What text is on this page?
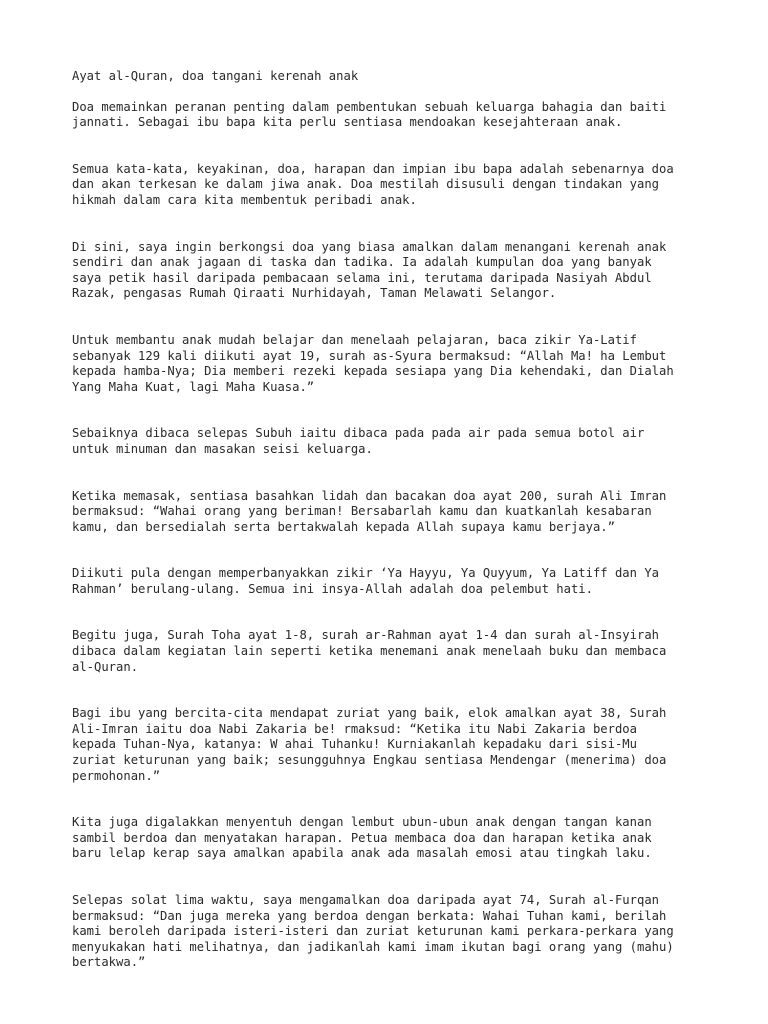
Ayat al-Quran, doa tangani kerenah anak

Doa memainkan peranan penting dalam pembentukan sebuah keluarga bahagia dan baiti
jannati. Sebagai ibu bapa kita perlu sentiasa mendoakan kesejahteraan anak.

Semua kata-kata, keyakinan, doa, harapan dan impian ibu bapa adalah sebenarnya doa
dan akan terkesan ke dalam jiwa anak. Doa mestilah disusuli dengan tindakan yang
hikmah dalam cara kita membentuk peribadi anak.

Di sini, saya ingin berkongsi doa yang biasa amalkan dalam menangani kerenah anak
sendiri dan anak jagaan di taska dan tadika. Ia adalah kumpulan doa yang banyak
saya petik hasil daripada pembacaan selama ini, terutama daripada Nasiyah Abdul
Razak, pengasas Rumah Qiraati Nurhidayah, Taman Melawati Selangor.

Untuk membantu anak mudah belajar dan menelaah pelajaran, baca zikir Ya-Latif
sebanyak 129 kali diikuti ayat 19, surah as-Syura bermaksud: “Allah Ma! ha Lembut
kepada hamba-Nya; Dia memberi rezeki kepada sesiapa yang Dia kehendaki, dan Dialah
Yang Maha Kuat, lagi Maha Kuasa.”

Sebaiknya dibaca selepas Subuh iaitu dibaca pada pada air pada semua botol air
untuk minuman dan masakan seisi keluarga.

Ketika memasak, sentiasa basahkan lidah dan bacakan doa ayat 200, surah Ali Imran
bermaksud: “Wahai orang yang beriman! Bersabarlah kamu dan kuatkanlah kesabaran
kamu, dan bersedialah serta bertakwalah kepada Allah supaya kamu berjaya.”

Diikuti pula dengan memperbanyakkan zikir ‘Ya Hayyu, Ya Quyyum, Ya Latiff dan Ya
Rahman’ berulang-ulang. Semua ini insya-Allah adalah doa pelembut hati.

Begitu juga, Surah Toha ayat 1-8, surah ar-Rahman ayat 1-4 dan surah al-Insyirah
dibaca dalam kegiatan lain seperti ketika menemani anak menelaah buku dan membaca
al-Quran.

Bagi ibu yang bercita-cita mendapat zuriat yang baik, elok amalkan ayat 38, Surah
Ali-Imran iaitu doa Nabi Zakaria be! rmaksud: “Ketika itu Nabi Zakaria berdoa
kepada Tuhan-Nya, katanya: W ahai Tuhanku! Kurniakanlah kepadaku dari sisi-Mu
zuriat keturunan yang baik; sesungguhnya Engkau sentiasa Mendengar (menerima) doa
permohonan.”

Kita juga digalakkan menyentuh dengan lembut ubun-ubun anak dengan tangan kanan
sambil berdoa dan menyatakan harapan. Petua membaca doa dan harapan ketika anak
baru lelap kerap saya amalkan apabila anak ada masalah emosi atau tingkah laku.

Selepas solat lima waktu, saya mengamalkan doa daripada ayat 74, Surah al-Furqan
bermaksud: “Dan juga mereka yang berdoa dengan berkata: Wahai Tuhan kami, berilah
kami beroleh daripada isteri-isteri dan zuriat keturunan kami perkara-perkara yang
menyukakan hati melihatnya, dan jadikanlah kami imam ikutan bagi orang yang (mahu)
bertakwa.”
